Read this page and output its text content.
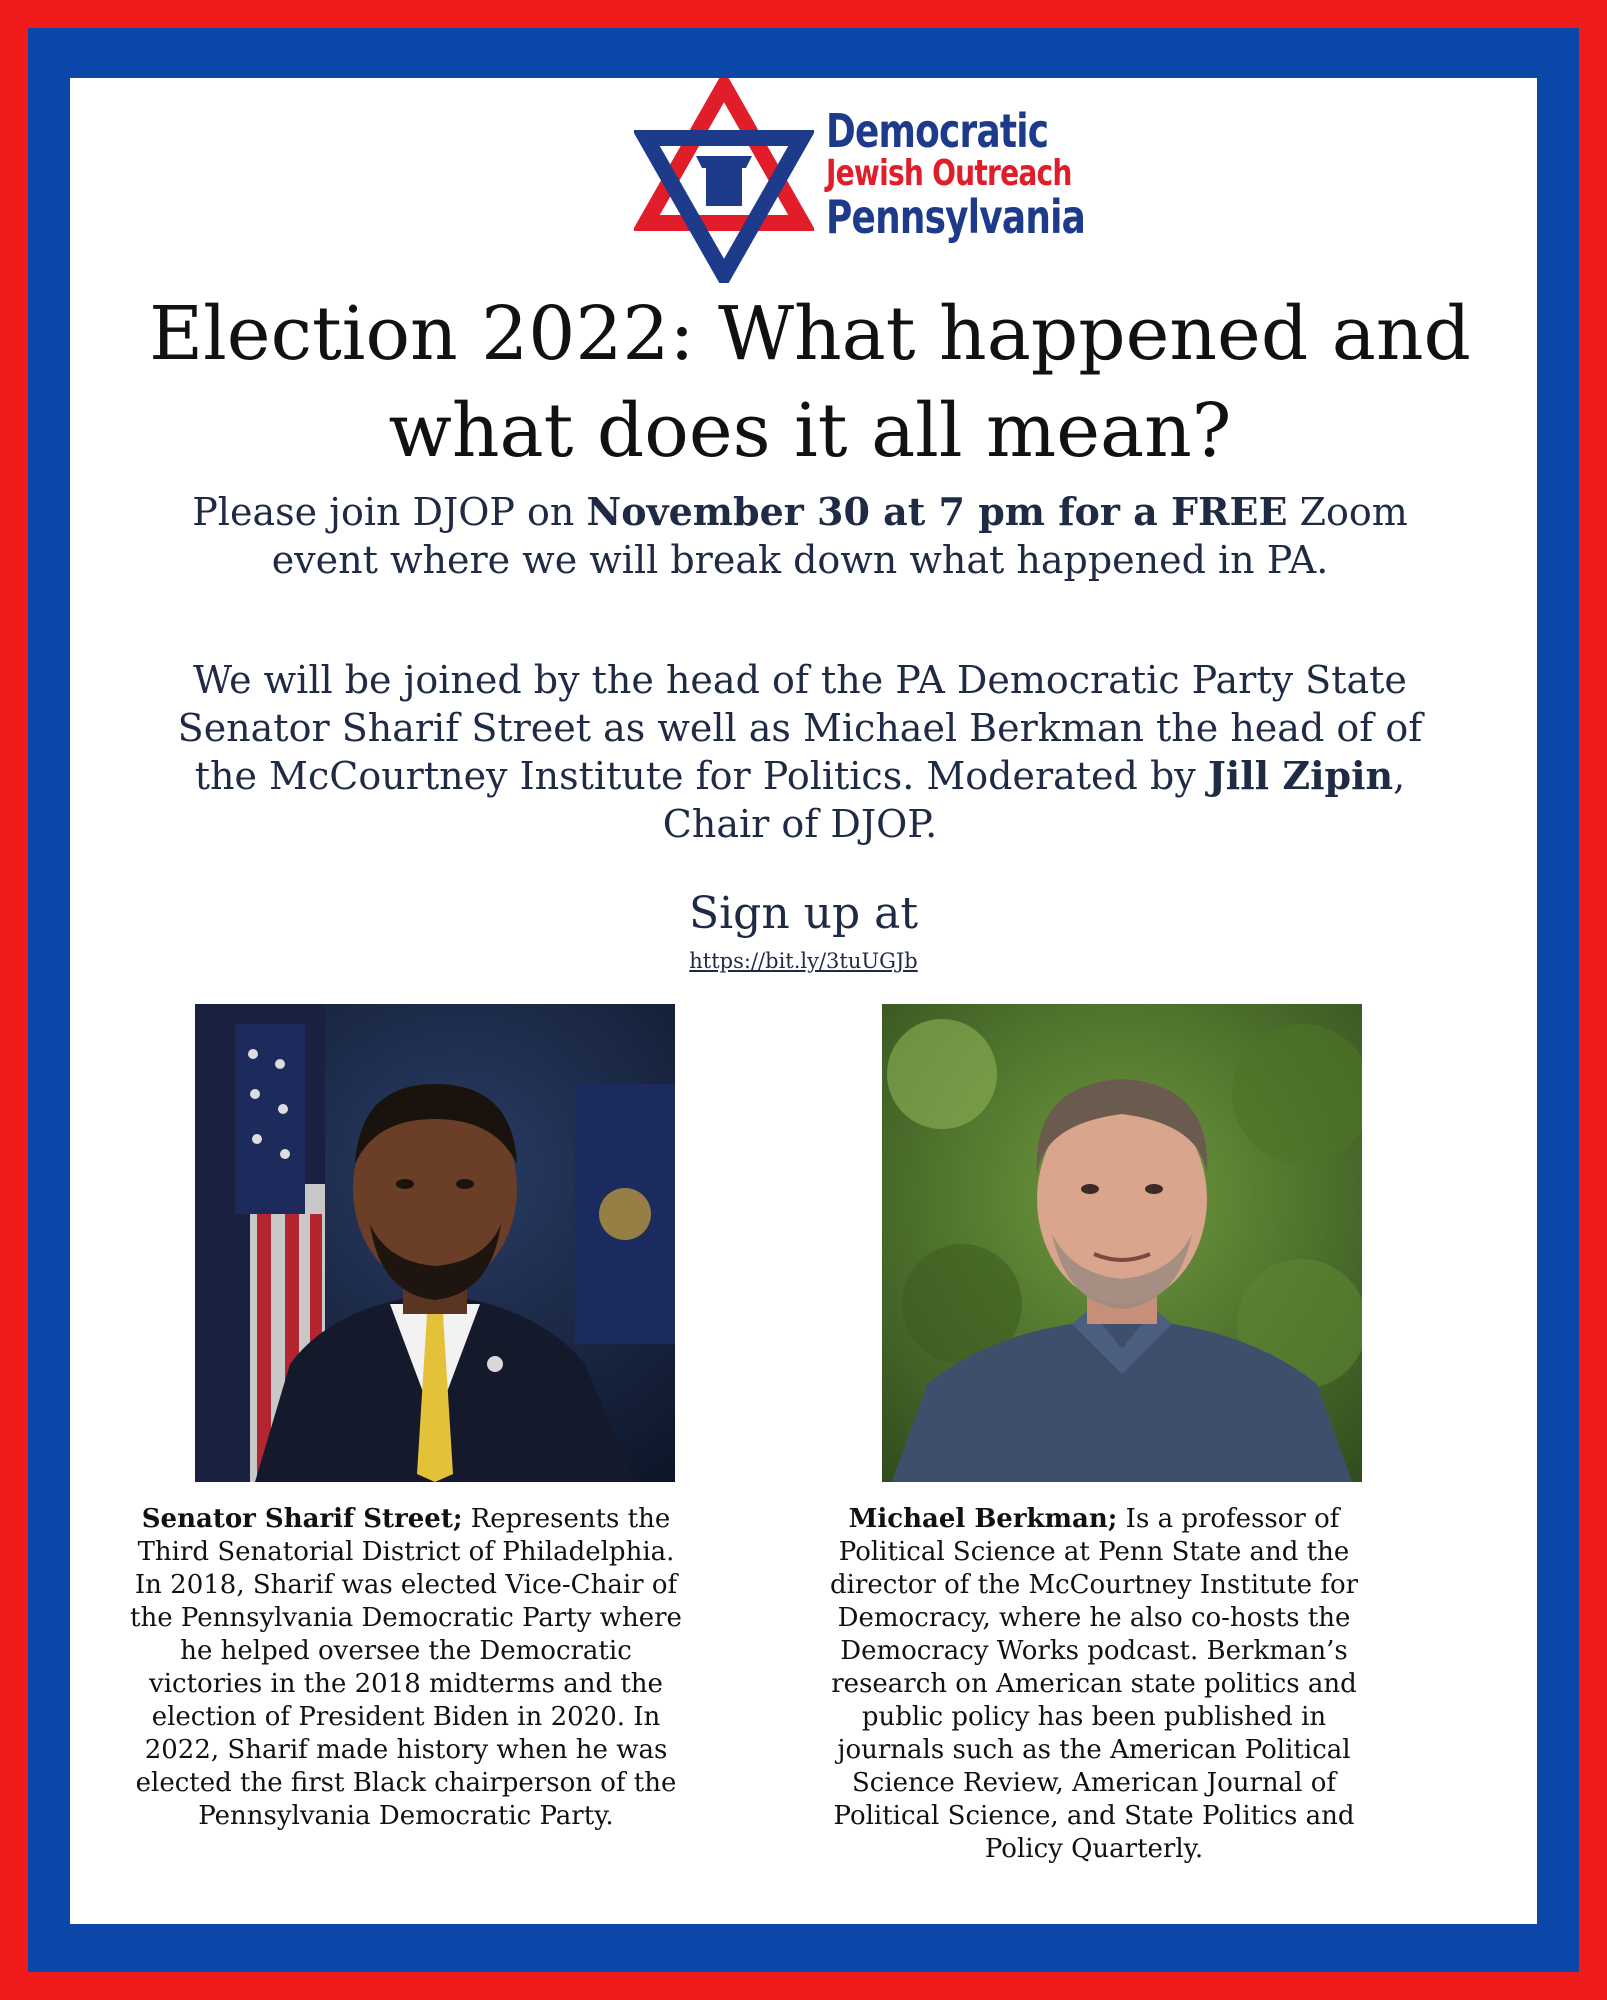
Democratic
Jewish Outreach
Pennsylvania
Election 2022: What happened and what does it all mean?
Please join DJOP on November 30 at 7 pm for a FREE Zoom event where we will break down what happened in PA.
We will be joined by the head of the PA Democratic Party State Senator Sharif Street as well as Michael Berkman the head of of the McCourtney Institute for Politics. Moderated by Jill Zipin, Chair of DJOP.
Sign up at
https://bit.ly/3tuUGJb
Senator Sharif Street; Represents the Third Senatorial District of Philadelphia. In 2018, Sharif was elected Vice-Chair of the Pennsylvania Democratic Party where he helped oversee the Democratic victories in the 2018 midterms and the election of President Biden in 2020. In 2022, Sharif made history when he was elected the first Black chairperson of the Pennsylvania Democratic Party.
Michael Berkman; Is a professor of Political Science at Penn State and the director of the McCourtney Institute for Democracy, where he also co-hosts the Democracy Works podcast. Berkman’s research on American state politics and public policy has been published in journals such as the American Political Science Review, American Journal of Political Science, and State Politics and Policy Quarterly.
